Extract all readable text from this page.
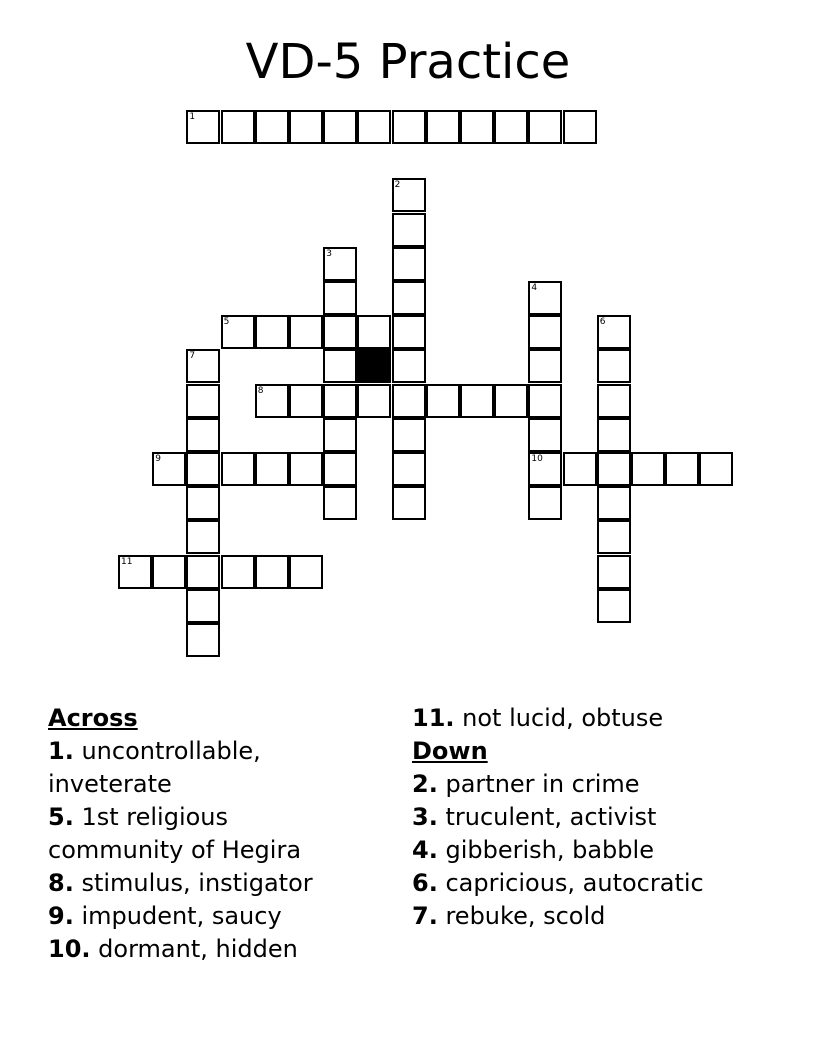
VD-5 Practice
1
2
3
4
10
5	6
7
8
9
11
Across
1. uncontrollable, inveterate
5. 1st religious community of Hegira
8. stimulus, instigator
9. impudent, saucy
10. dormant, hidden
11. not lucid, obtuse
Down
2. partner in crime
3. truculent, activist
4. gibberish, babble
6. capricious, autocratic
7. rebuke, scold
